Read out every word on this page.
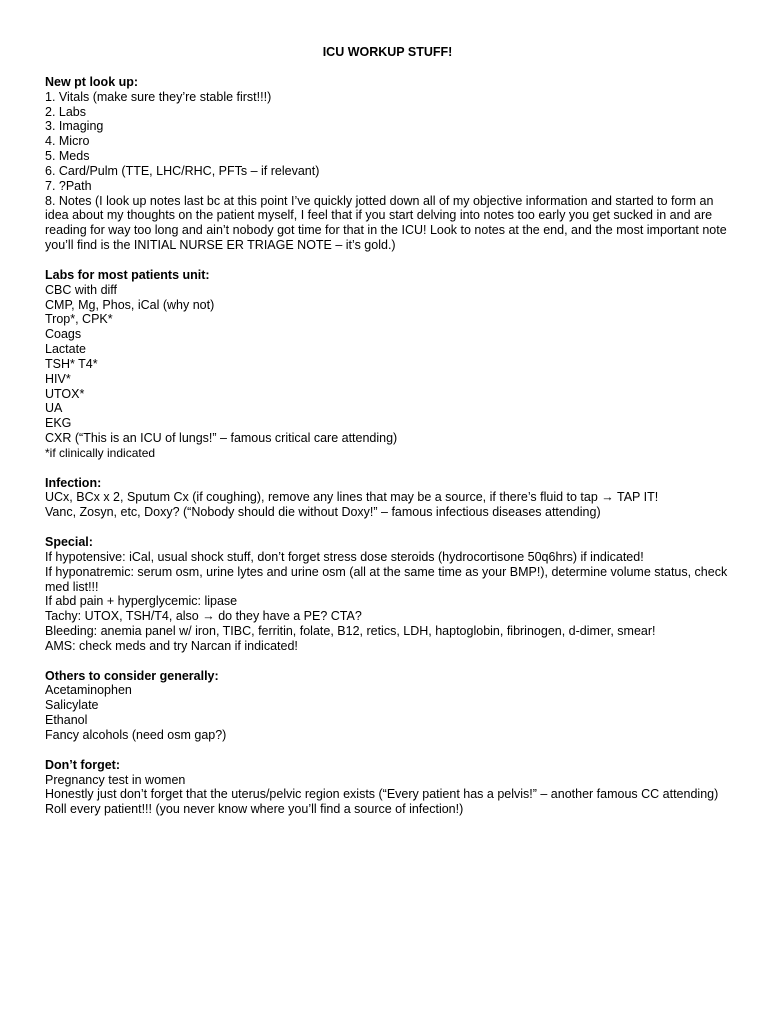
ICU WORKUP STUFF!
New pt look up:
1. Vitals (make sure they’re stable first!!!)
2. Labs
3. Imaging
4. Micro
5. Meds
6. Card/Pulm (TTE, LHC/RHC, PFTs – if relevant)
7. ?Path
8. Notes (I look up notes last bc at this point I’ve quickly jotted down all of my objective information and started to form an idea about my thoughts on the patient myself, I feel that if you start delving into notes too early you get sucked in and are reading for way too long and ain’t nobody got time for that in the ICU! Look to notes at the end, and the most important note you’ll find is the INITIAL NURSE ER TRIAGE NOTE – it’s gold.)
Labs for most patients unit:
CBC with diff
CMP, Mg, Phos, iCal (why not)
Trop*, CPK*
Coags
Lactate
TSH* T4*
HIV*
UTOX*
UA
EKG
CXR (“This is an ICU of lungs!” – famous critical care attending)
*if clinically indicated
Infection:
UCx, BCx x 2, Sputum Cx (if coughing), remove any lines that may be a source, if there’s fluid to tap → TAP IT!
Vanc, Zosyn, etc, Doxy? (“Nobody should die without Doxy!” – famous infectious diseases attending)
Special:
If hypotensive: iCal, usual shock stuff, don’t forget stress dose steroids (hydrocortisone 50q6hrs) if indicated!
If hyponatremic: serum osm, urine lytes and urine osm (all at the same time as your BMP!), determine volume status, check med list!!!
If abd pain + hyperglycemic: lipase
Tachy: UTOX, TSH/T4, also → do they have a PE? CTA?
Bleeding: anemia panel w/ iron, TIBC, ferritin, folate, B12, retics, LDH, haptoglobin, fibrinogen, d-dimer, smear!
AMS: check meds and try Narcan if indicated!
Others to consider generally:
Acetaminophen
Salicylate
Ethanol
Fancy alcohols (need osm gap?)
Don’t forget:
Pregnancy test in women
Honestly just don’t forget that the uterus/pelvic region exists (“Every patient has a pelvis!” – another famous CC attending)
Roll every patient!!! (you never know where you’ll find a source of infection!)
